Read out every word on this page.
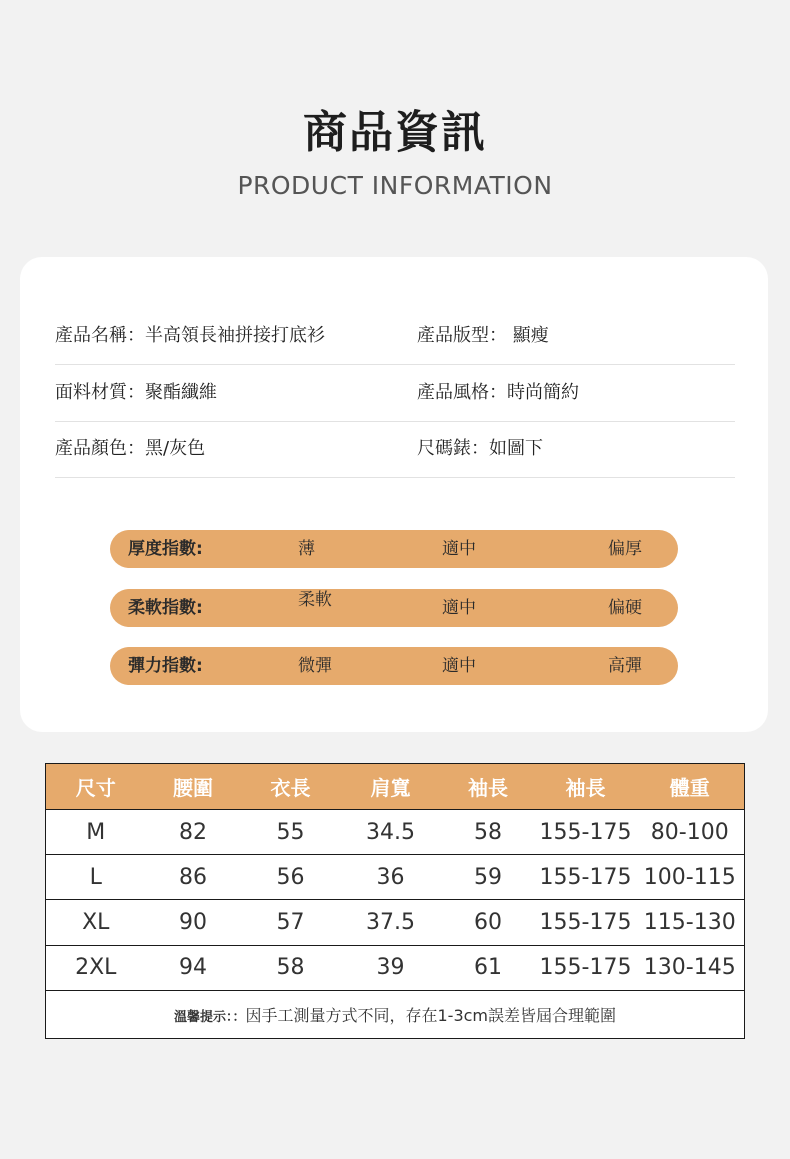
商品資訊
PRODUCT INFORMATION
產品名稱：半高領長袖拼接打底衫	產品版型： 顯瘦
面料材質：聚酯纖維	產品風格：時尚簡約
產品顏色：黑/灰色	尺碼錶：如圖下
厚度指數:	薄	適中	偏厚
柔軟指數:	柔軟	適中	偏硬
彈力指數:	微彈	適中	高彈
尺寸	腰圍	衣長	肩寬	袖長	袖長	體重
M	82	55	34.5	58	155-175	80-100
L	86	56	36	59	155-175	100-115
XL	90	57	37.5	60	155-175	115-130
2XL	94	58	39	61	155-175	130-145
溫馨提示：：因手工測量方式不同，存在1-3cm誤差皆屆合理範圍						
